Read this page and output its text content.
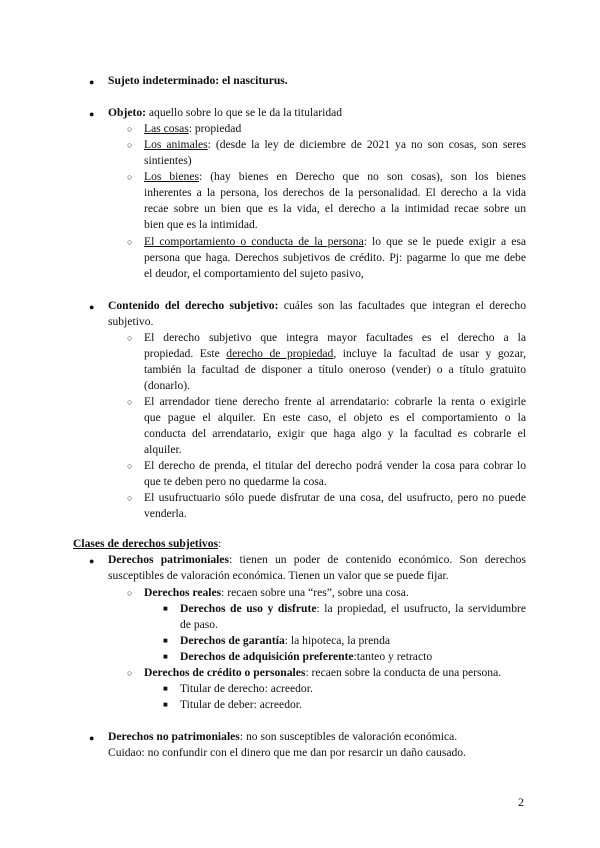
● Sujeto indeterminado: el nasciturus.
● Objeto: aquello sobre lo que se le da la titularidad
○ Las cosas: propiedad
○ Los animales: (desde la ley de diciembre de 2021 ya no son cosas, son seres
sintientes)
○ Los bienes: (hay bienes en Derecho que no son cosas), son los bienes
inherentes a la persona, los derechos de la personalidad. El derecho a la vida
recae sobre un bien que es la vida, el derecho a la intimidad recae sobre un
bien que es la intimidad.
○ El comportamiento o conducta de la persona: lo que se le puede exigir a esa
persona que haga. Derechos subjetivos de crédito. Pj: pagarme lo que me debe
el deudor, el comportamiento del sujeto pasivo,
● Contenido del derecho subjetivo: cuáles son las facultades que integran el derecho
subjetivo.
○ El derecho subjetivo que integra mayor facultades es el derecho a la
propiedad. Este derecho de propiedad, incluye la facultad de usar y gozar,
también la facultad de disponer a título oneroso (vender) o a título gratuito
(donarlo).
○ El arrendador tiene derecho frente al arrendatario: cobrarle la renta o exigirle
que pague el alquiler. En este caso, el objeto es el comportamiento o la
conducta del arrendatario, exigir que haga algo y la facultad es cobrarle el
alquiler.
○ El derecho de prenda, el titular del derecho podrá vender la cosa para cobrar lo
que te deben pero no quedarme la cosa.
○ El usufructuario sólo puede disfrutar de una cosa, del usufructo, pero no puede
venderla.
Clases de derechos subjetivos:
● Derechos patrimoniales: tienen un poder de contenido económico. Son derechos
susceptibles de valoración económica. Tienen un valor que se puede fijar.
○ Derechos reales: recaen sobre una “res”, sobre una cosa.
■ Derechos de uso y disfrute: la propiedad, el usufructo, la servidumbre
de paso.
■ Derechos de garantía: la hipoteca, la prenda
■ Derechos de adquisición preferente:tanteo y retracto
○ Derechos de crédito o personales: recaen sobre la conducta de una persona.
■ Titular de derecho: acreedor.
■ Titular de deber: acreedor.
● Derechos no patrimoniales: no son susceptibles de valoración económica.
Cuidao: no confundir con el dinero que me dan por resarcir un daño causado.
2
